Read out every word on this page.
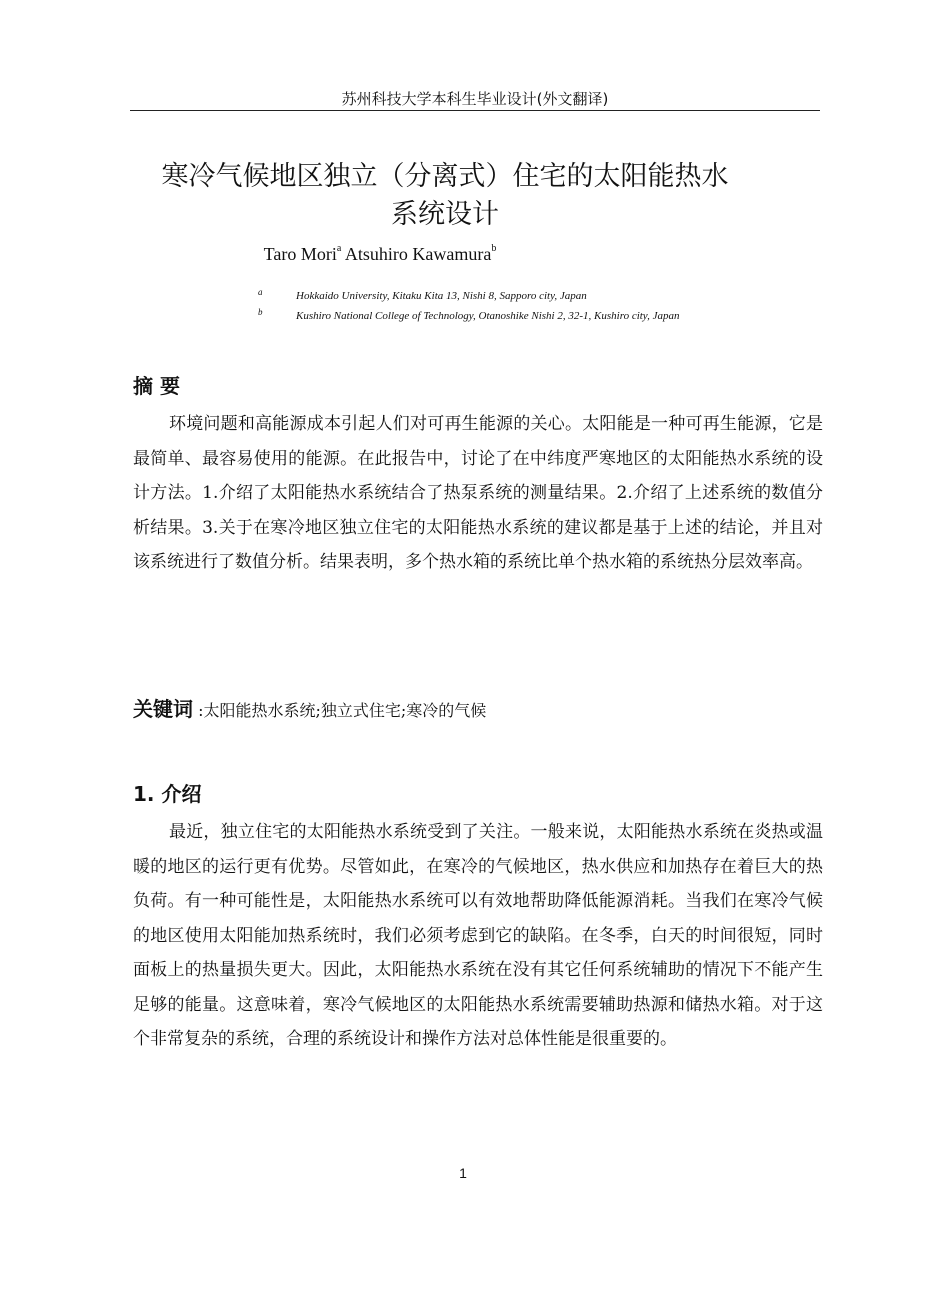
苏州科技大学本科生毕业设计(外文翻译)
寒冷气候地区独立（分离式）住宅的太阳能热水
系统设计
Taro Mori$^a$ Atsuhiro Kawamura$^b$
a	Hokkaido University, Kitaku Kita 13, Nishi 8, Sapporo city, Japan
b	Kushiro National College of Technology, Otanoshike Nishi 2, 32-1, Kushiro city, Japan
摘 要
环境问题和高能源成本引起人们对可再生能源的关心。太阳能是一种可再生能源，它是最简单、最容易使用的能源。在此报告中，讨论了在中纬度严寒地区的太阳能热水系统的设计方法。1.介绍了太阳能热水系统结合了热泵系统的测量结果。2.介绍了上述系统的数值分析结果。3.关于在寒冷地区独立住宅的太阳能热水系统的建议都是基于上述的结论，并且对该系统进行了数值分析。结果表明，多个热水箱的系统比单个热水箱的系统热分层效率高。
关键词 :太阳能热水系统;独立式住宅;寒冷的气候
1. 介绍
最近，独立住宅的太阳能热水系统受到了关注。一般来说，太阳能热水系统在炎热或温暖的地区的运行更有优势。尽管如此，在寒冷的气候地区，热水供应和加热存在着巨大的热负荷。有一种可能性是，太阳能热水系统可以有效地帮助降低能源消耗。当我们在寒冷气候的地区使用太阳能加热系统时，我们必须考虑到它的缺陷。在冬季，白天的时间很短，同时面板上的热量损失更大。因此，太阳能热水系统在没有其它任何系统辅助的情况下不能产生足够的能量。这意味着，寒冷气候地区的太阳能热水系统需要辅助热源和储热水箱。对于这个非常复杂的系统，合理的系统设计和操作方法对总体性能是很重要的。
1
